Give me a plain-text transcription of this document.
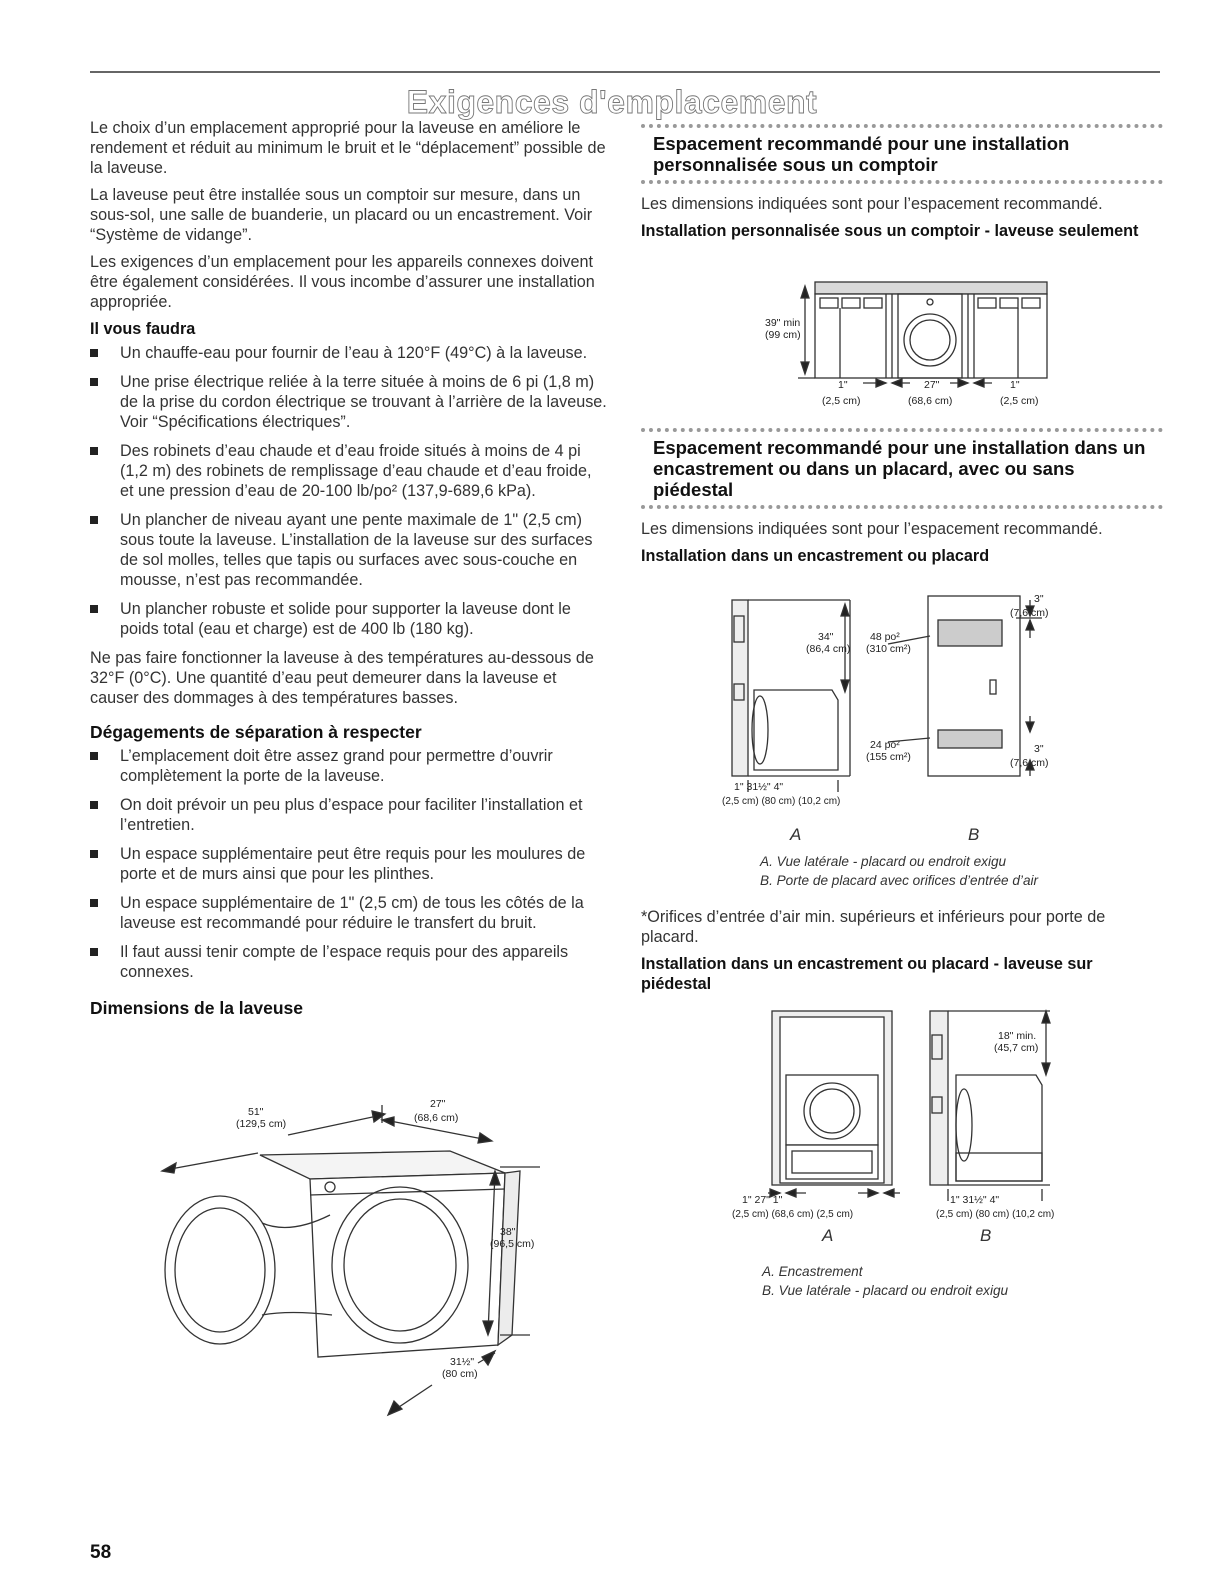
Exigences d'emplacement

Le choix d’un emplacement approprié pour la laveuse en améliore le rendement et réduit au minimum le bruit et le “déplacement” possible de la laveuse.

La laveuse peut être installée sous un comptoir sur mesure, dans un sous-sol, une salle de buanderie, un placard ou un encastrement. Voir “Système de vidange”.

Les exigences d’un emplacement pour les appareils connexes doivent être également considérées. Il vous incombe d’assurer une installation appropriée.

Il vous faudra
Un chauffe-eau pour fournir de l’eau à 120°F (49°C) à la laveuse.
Une prise électrique reliée à la terre située à moins de 6 pi (1,8 m) de la prise du cordon électrique se trouvant à l’arrière de la laveuse. Voir “Spécifications électriques”.
Des robinets d’eau chaude et d’eau froide situés à moins de 4 pi (1,2 m) des robinets de remplissage d’eau chaude et d’eau froide, et une pression d’eau de 20-100 lb/po² (137,9-689,6 kPa).
Un plancher de niveau ayant une pente maximale de 1" (2,5 cm) sous toute la laveuse. L’installation de la laveuse sur des surfaces de sol molles, telles que tapis ou surfaces avec sous-couche en mousse, n’est pas recommandée.
Un plancher robuste et solide pour supporter la laveuse dont le poids total (eau et charge) est de 400 lb (180 kg).

Ne pas faire fonctionner la laveuse à des températures au-dessous de 32°F (0°C). Une quantité d’eau peut demeurer dans la laveuse et causer des dommages à des températures basses.

Dégagements de séparation à respecter
L’emplacement doit être assez grand pour permettre d’ouvrir complètement la porte de la laveuse.
On doit prévoir un peu plus d’espace pour faciliter l’installation et l’entretien.
Un espace supplémentaire peut être requis pour les moulures de porte et de murs ainsi que pour les plinthes.
Un espace supplémentaire de 1" (2,5 cm) de tous les côtés de la laveuse est recommandé pour réduire le transfert du bruit.
Il faut aussi tenir compte de l’espace requis pour des appareils connexes.
Dimensions de la laveuse
51"
(129,5 cm)
27"
(68,6 cm)
38"
(96,5 cm)
31½"
(80 cm)
Espacement recommandé pour une installation personnalisée sous un comptoir

Les dimensions indiquées sont pour l’espacement recommandé.

Installation personnalisée sous un comptoir - laveuse seulement
39" min
(99 cm)
1"
(2,5 cm)
27"
(68,6 cm)
1"
(2,5 cm)
Espacement recommandé pour une installation dans un encastrement ou dans un placard, avec ou sans piédestal

Les dimensions indiquées sont pour l’espacement recommandé.

Installation dans un encastrement ou placard
34"
(86,4 cm)
48 po²
(310 cm²)
24 po²
(155 cm²)
3"
(7,6 cm)
3"
(7,6 cm)
1" 31½" 4"
(2,5 cm) (80 cm) (10,2 cm)
A	B
A. Vue latérale - placard ou endroit exigu
B. Porte de placard avec orifices d’entrée d’air

*Orifices d’entrée d’air min. supérieurs et inférieurs pour porte de placard.

Installation dans un encastrement ou placard - laveuse sur piédestal
18" min.
(45,7 cm)
1" 27" 1"
(2,5 cm) (68,6 cm) (2,5 cm)
1" 31½" 4"
(2,5 cm) (80 cm) (10,2 cm)
A	B
A. Encastrement
B. Vue latérale - placard ou endroit exigu
58
